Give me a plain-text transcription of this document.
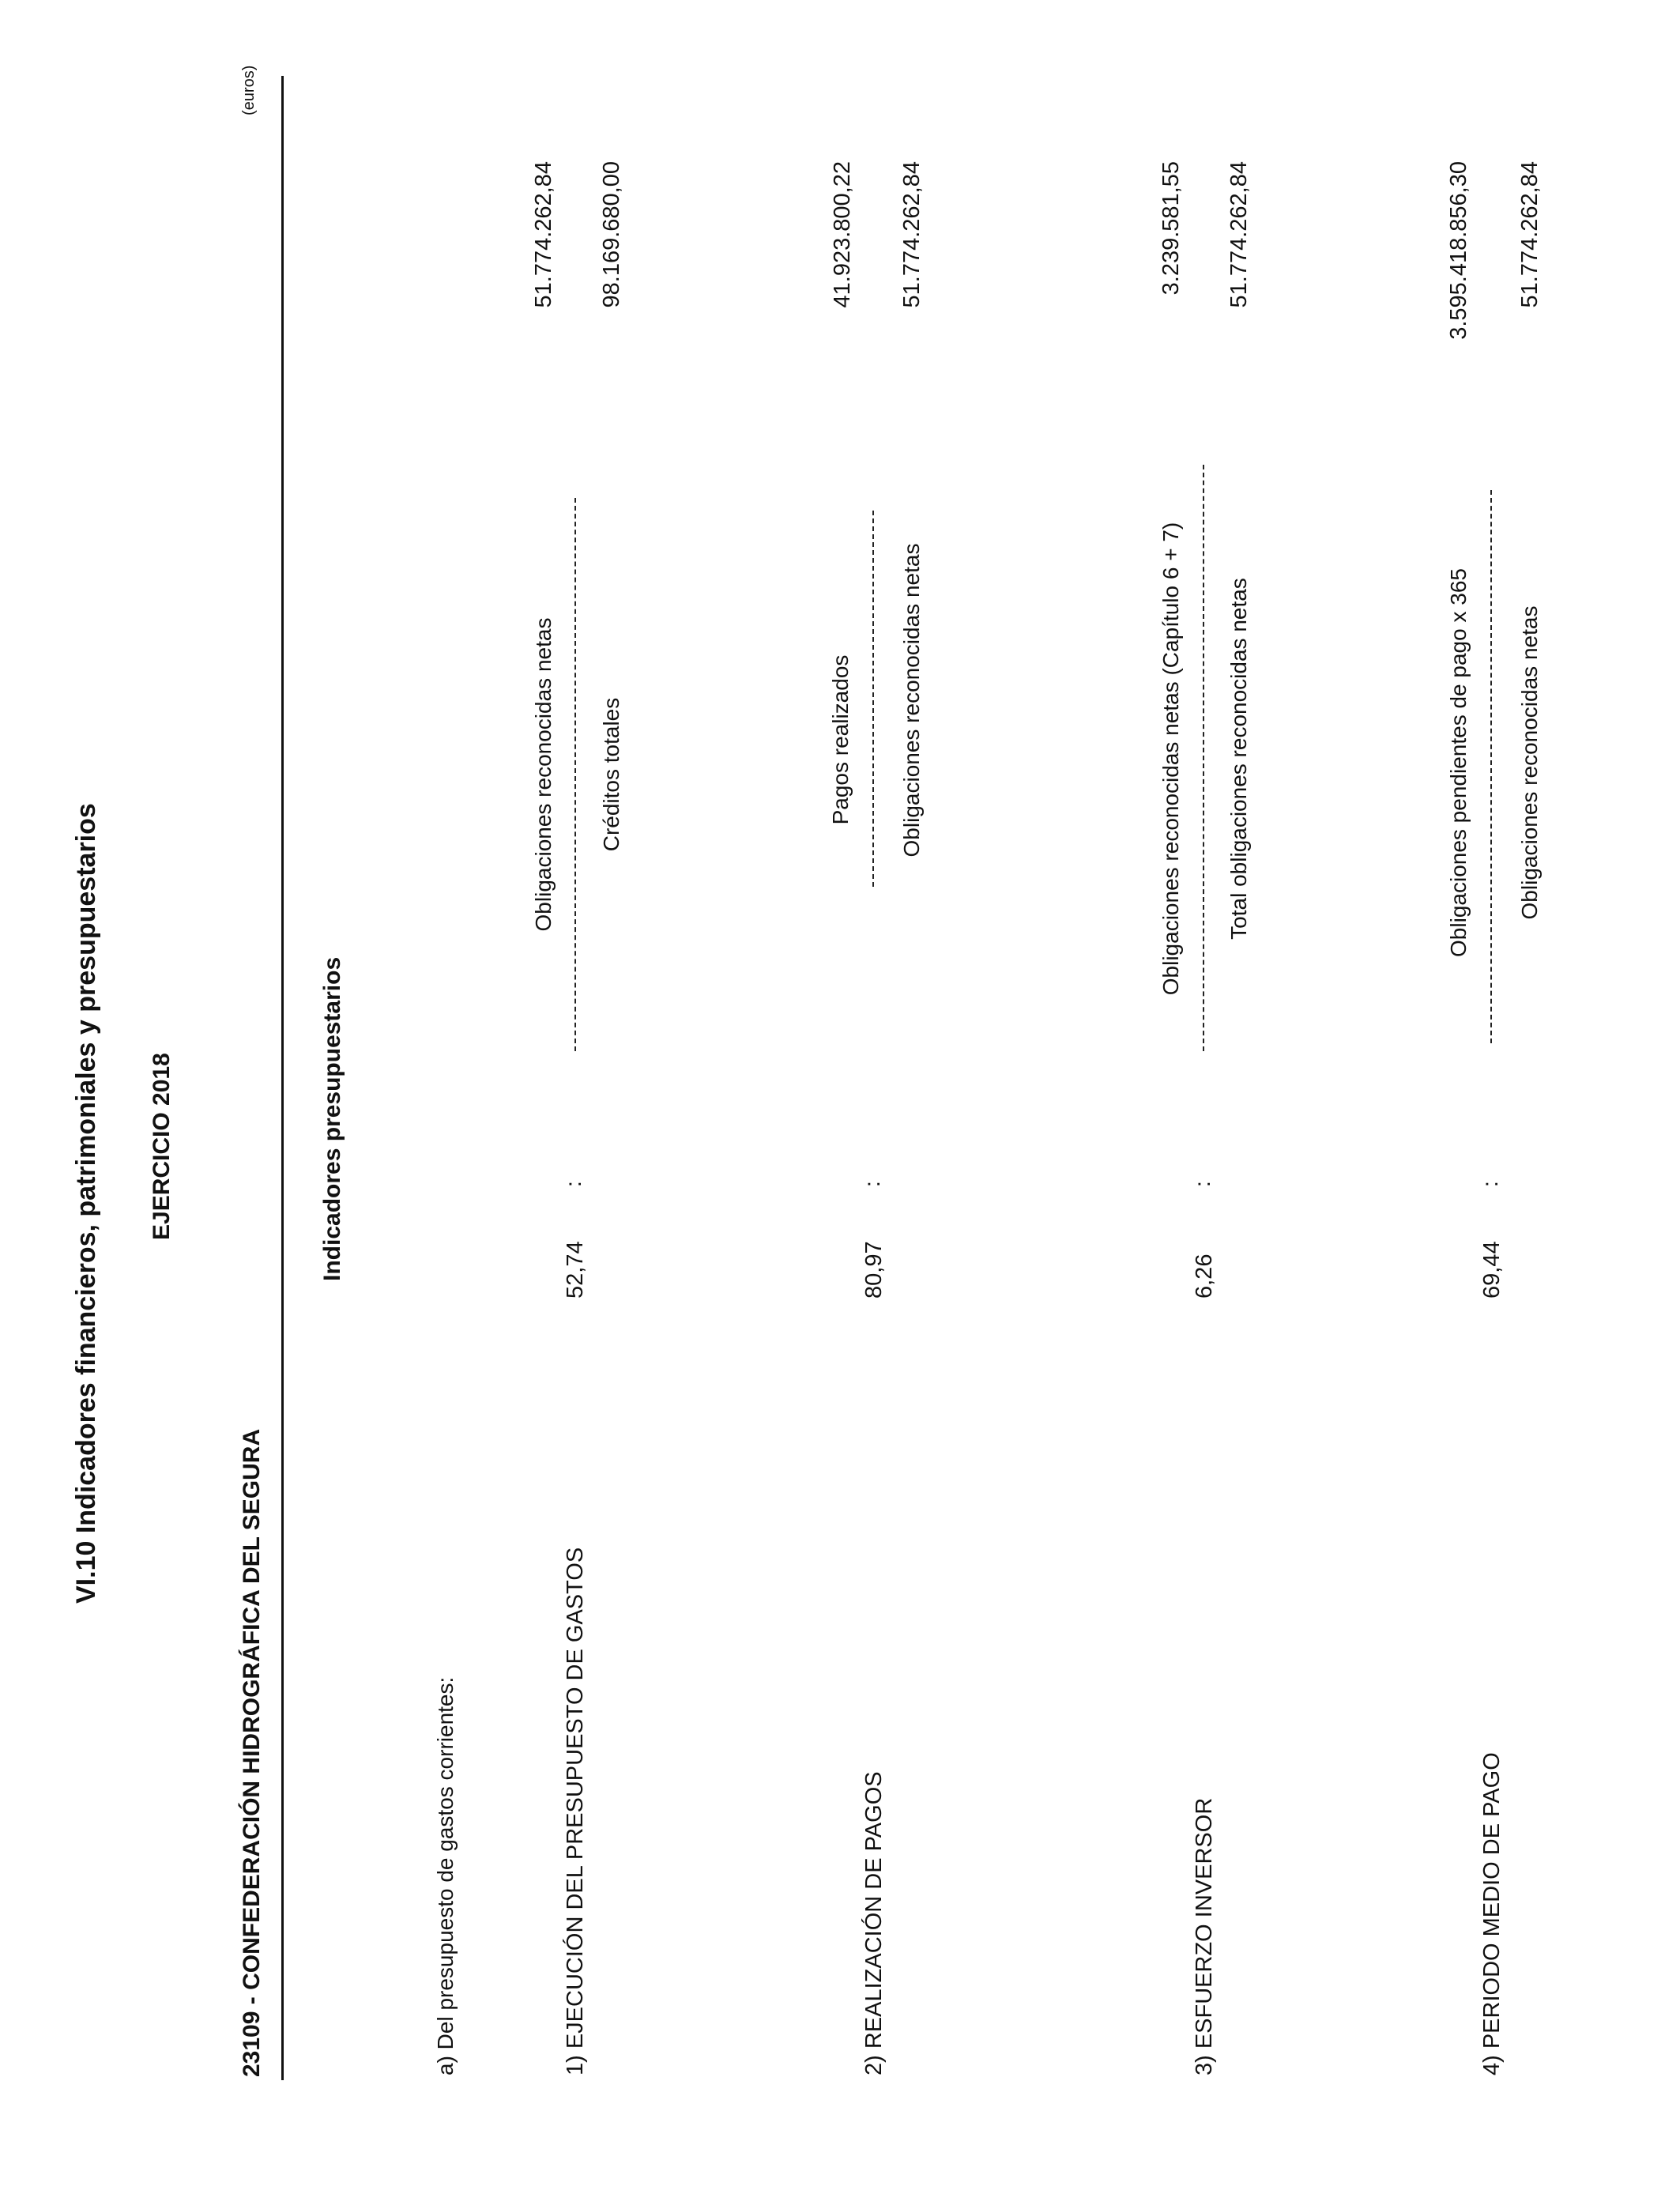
VI.10 Indicadores financieros, patrimoniales y presupuestarios EJERCICIO 2018
23109 - CONFEDERACIÓN HIDROGRÁFICA DEL SEGURA
(euros)
Indicadores presupuestarios
a) Del presupuesto de gastos corrientes:	1) EJECUCIÓN DEL PRESUPUESTO DE GASTOS
52,74
:
Obligaciones reconocidas netas Créditos totales
51.774.262,84 98.169.680,00
2) REALIZACIÓN DE PAGOS
80,97
:
Pagos realizados Obligaciones reconocidas netas
41.923.800,22 51.774.262,84
3) ESFUERZO INVERSOR
6,26
:
Obligaciones reconocidas netas (Capítulo 6 + 7) Total obligaciones reconocidas netas
3.239.581,55 51.774.262,84
4) PERIODO MEDIO DE PAGO
69,44
:
Obligaciones pendientes de pago x 365 Obligaciones reconocidas netas
3.595.418.856,30 51.774.262,84
